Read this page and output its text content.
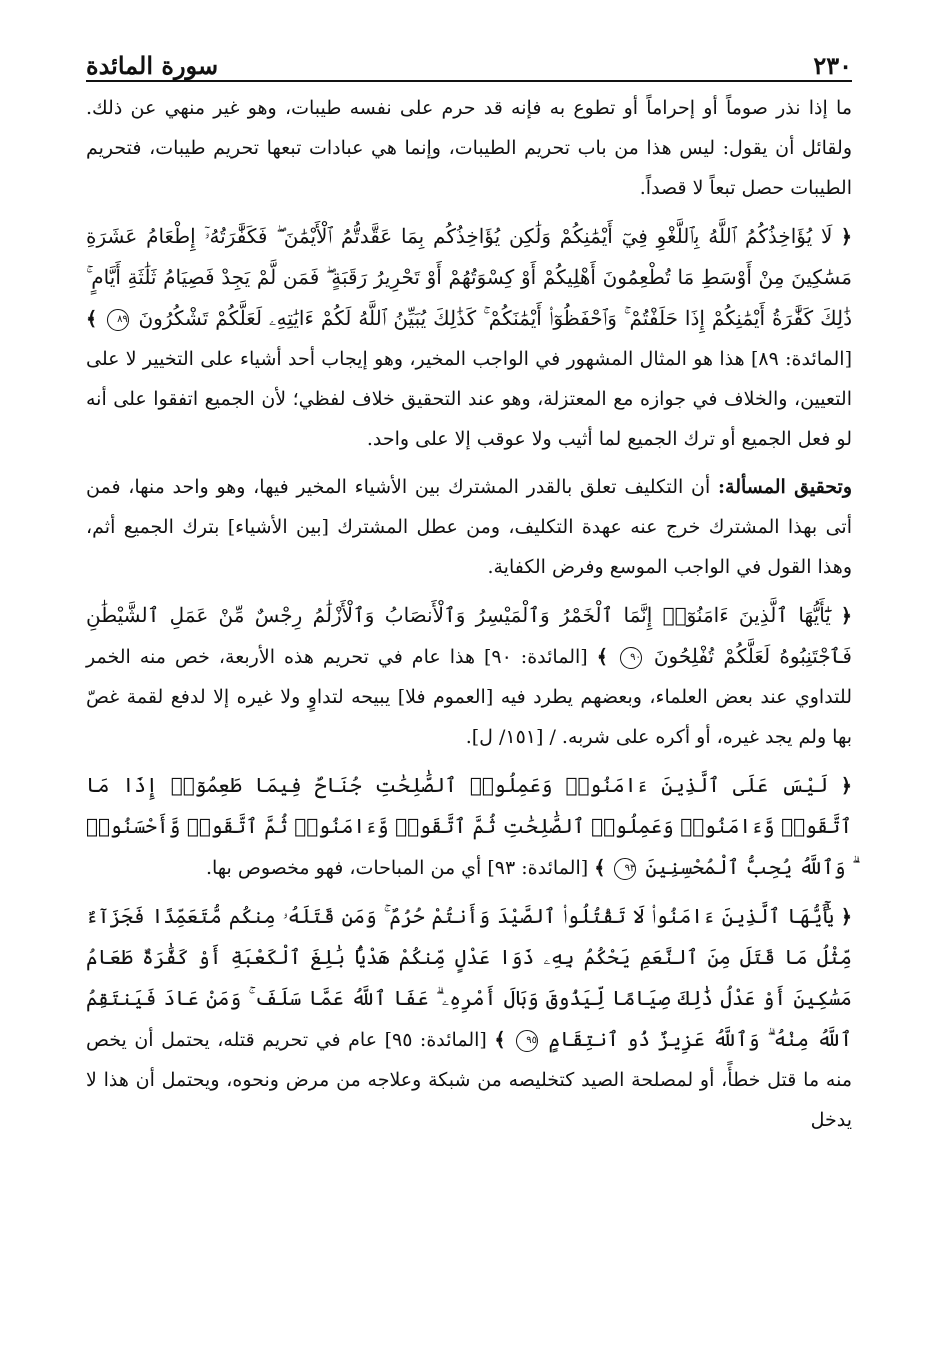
٢٣٠
سورة المائدة

ما إذا نذر صوماً أو إحراماً أو تطوع به فإنه قد حرم على نفسه طيبات، وهو غير منهي عن ذلك. ولقائل أن يقول: ليس هذا من باب تحريم الطيبات، وإنما هي عبادات تبعها تحريم طيبات، فتحريم الطيبات حصل تبعاً لا قصداً.

﴿ لَا يُؤَاخِذُكُمُ ٱللَّهُ بِٱللَّغْوِ فِيٓ أَيْمَٰنِكُمْ وَلَٰكِن يُؤَاخِذُكُم بِمَا عَقَّدتُّمُ ٱلْأَيْمَٰنَ ۖ فَكَفَّٰرَتُهُۥٓ إِطْعَامُ عَشَرَةِ مَسَٰكِينَ مِنْ أَوْسَطِ مَا تُطْعِمُونَ أَهْلِيكُمْ أَوْ كِسْوَتُهُمْ أَوْ تَحْرِيرُ رَقَبَةٍ ۖ فَمَن لَّمْ يَجِدْ فَصِيَامُ ثَلَٰثَةِ أَيَّامٍ ۚ ذَٰلِكَ كَفَّٰرَةُ أَيْمَٰنِكُمْ إِذَا حَلَفْتُمْ ۚ وَٱحْفَظُوٓا۟ أَيْمَٰنَكُمْ ۚ كَذَٰلِكَ يُبَيِّنُ ٱللَّهُ لَكُمْ ءَايَٰتِهِۦ لَعَلَّكُمْ تَشْكُرُونَ ٨٩ ﴾ [المائدة: ٨٩] هذا هو المثال المشهور في الواجب المخير، وهو إيجاب أحد أشياء على التخيير لا على التعيين، والخلاف في جوازه مع المعتزلة، وهو عند التحقيق خلاف لفظي؛ لأن الجميع اتفقوا على أنه لو فعل الجميع أو ترك الجميع لما أثيب ولا عوقب إلا على واحد.

وتحقيق المسألة: أن التكليف تعلق بالقدر المشترك بين الأشياء المخير فيها، وهو واحد منها، فمن أتى بهذا المشترك خرج عنه عهدة التكليف، ومن عطل المشترك [بين الأشياء] بترك الجميع أثم، وهذا القول في الواجب الموسع وفرض الكفاية.

﴿ يَٰٓأَيُّهَا ٱلَّذِينَ ءَامَنُوٓا۟ إِنَّمَا ٱلْخَمْرُ وَٱلْمَيْسِرُ وَٱلْأَنصَابُ وَٱلْأَزْلَٰمُ رِجْسٌ مِّنْ عَمَلِ ٱلشَّيْطَٰنِ فَٱجْتَنِبُوهُ لَعَلَّكُمْ تُفْلِحُونَ ٩٠ ﴾ [المائدة: ٩٠] هذا عام في تحريم هذه الأربعة، خص منه الخمر للتداوي عند بعض العلماء، وبعضهم يطرد فيه [العموم فلا] يبيحه لتداوٍ ولا غيره إلا لدفع لقمة غصّ بها ولم يجد غيره، أو أكره على شربه. / [١٥١/ ل].

﴿ لَيْسَ عَلَى ٱلَّذِينَ ءَامَنُوا۟ وَعَمِلُوا۟ ٱلصَّٰلِحَٰتِ جُنَاحٌ فِيمَا طَعِمُوٓا۟ إِذَا مَا ٱتَّقَوا۟ وَّءَامَنُوا۟ وَعَمِلُوا۟ ٱلصَّٰلِحَٰتِ ثُمَّ ٱتَّقَوا۟ وَّءَامَنُوا۟ ثُمَّ ٱتَّقَوا۟ وَّأَحْسَنُوا۟ ۗ وَٱللَّهُ يُحِبُّ ٱلْمُحْسِنِينَ ٩٣ ﴾ [المائدة: ٩٣] أي من المباحات، فهو مخصوص بها.

﴿ يَٰٓأَيُّهَا ٱلَّذِينَ ءَامَنُوا۟ لَا تَقْتُلُوا۟ ٱلصَّيْدَ وَأَنتُمْ حُرُمٌ ۚ وَمَن قَتَلَهُۥ مِنكُم مُّتَعَمِّدًا فَجَزَآءٌ مِّثْلُ مَا قَتَلَ مِنَ ٱلنَّعَمِ يَحْكُمُ بِهِۦ ذَوَا عَدْلٍ مِّنكُمْ هَدْيًۢا بَٰلِغَ ٱلْكَعْبَةِ أَوْ كَفَّٰرَةٌ طَعَامُ مَسَٰكِينَ أَوْ عَدْلُ ذَٰلِكَ صِيَامًا لِّيَذُوقَ وَبَالَ أَمْرِهِۦ ۗ عَفَا ٱللَّهُ عَمَّا سَلَفَ ۚ وَمَنْ عَادَ فَيَنتَقِمُ ٱللَّهُ مِنْهُ ۗ وَٱللَّهُ عَزِيزٌ ذُو ٱنتِقَامٍ ٩٥ ﴾ [المائدة: ٩٥] عام في تحريم قتله، يحتمل أن يخص منه ما قتل خطأً، أو لمصلحة الصيد كتخليصه من شبكة وعلاجه من مرض ونحوه، ويحتمل أن هذا لا يدخل
